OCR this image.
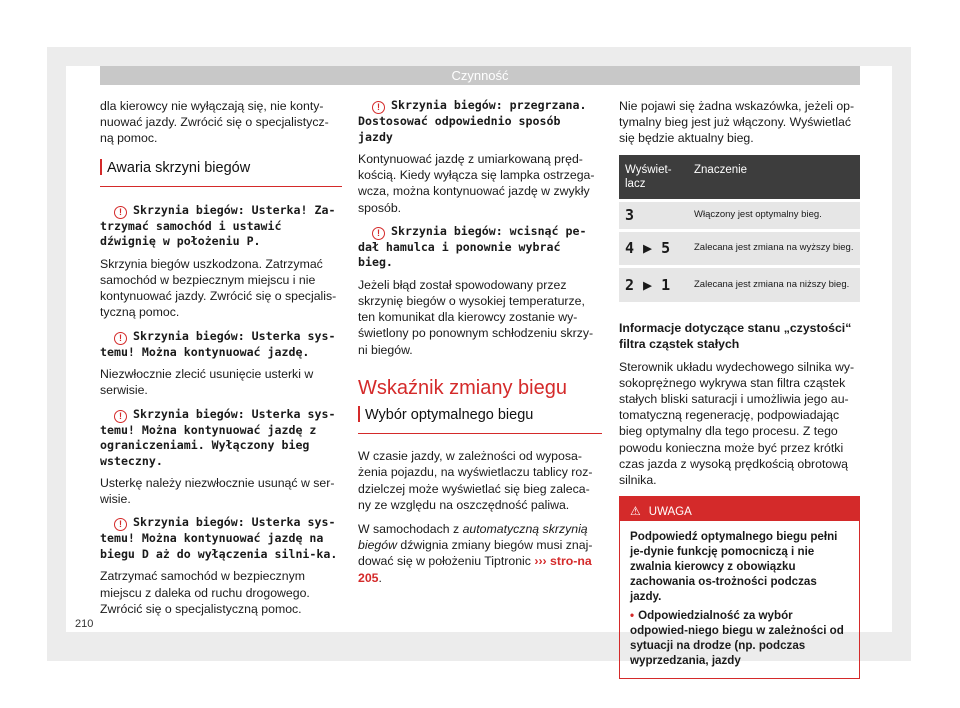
Czynność

dla kierowcy nie wyłączają się, nie konty-nuować jazdy. Zwrócić się o specjalistycz-ną pomoc.

Awaria skrzyni biegów

! Skrzynia biegów: Usterka! Za-trzymać samochód i ustawić dźwignię w położeniu P.

Skrzynia biegów uszkodzona. Zatrzymać samochód w bezpiecznym miejscu i nie kontynuować jazdy. Zwrócić się o specjalis-tyczną pomoc.

! Skrzynia biegów: Usterka sys-temu! Można kontynuować jazdę.

Niezwłocznie zlecić usunięcie usterki w serwisie.

! Skrzynia biegów: Usterka sys-temu! Można kontynuować jazdę z ograniczeniami. Wyłączony bieg wsteczny.

Usterkę należy niezwłocznie usunąć w ser-wisie.

! Skrzynia biegów: Usterka sys-temu! Można kontynuować jazdę na biegu D aż do wyłączenia silni-ka.

Zatrzymać samochód w bezpiecznym miejscu z daleka od ruchu drogowego. Zwrócić się o specjalistyczną pomoc.

! Skrzynia biegów: przegrzana. Dostosować odpowiednio sposób jazdy

Kontynuować jazdę z umiarkowaną pręd-kością. Kiedy wyłącza się lampka ostrzega-wcza, można kontynuować jazdę w zwykły sposób.

! Skrzynia biegów: wcisnąć pe-dał hamulca i ponownie wybrać bieg.

Jeżeli błąd został spowodowany przez skrzynię biegów o wysokiej temperaturze, ten komunikat dla kierowcy zostanie wy-świetlony po ponownym schłodzeniu skrzy-ni biegów.

Wskaźnik zmiany biegu
Wybór optymalnego biegu

W czasie jazdy, w zależności od wyposa-żenia pojazdu, na wyświetlaczu tablicy roz-dzielczej może wyświetlać się bieg zaleca-ny ze względu na oszczędność paliwa.

W samochodach z automatyczną skrzynią biegów dźwignia zmiany biegów musi znaj-dować się w położeniu Tiptronic ››› stro-na 205.

Nie pojawi się żadna wskazówka, jeżeli op-tymalny bieg jest już włączony. Wyświetlać się będzie aktualny bieg.

Wyświet-lacz	Znaczenie
3	Włączony jest optymalny bieg.
4 ▶ 5	Zalecana jest zmiana na wyższy bieg.
2 ▶ 1	Zalecana jest zmiana na niższy bieg.
Informacje dotyczące stanu „czystości“ filtra cząstek stałych

Sterownik układu wydechowego silnika wy-sokoprężnego wykrywa stan filtra cząstek stałych bliski saturacji i umożliwia jego au-tomatyczną regenerację, podpowiadając bieg optymalny dla tego procesu. Z tego powodu konieczna może być przez krótki czas jazda z wysoką prędkością obrotową silnika.

⚠ UWAGA

Podpowiedź optymalnego biegu pełni je-dynie funkcję pomocniczą i nie zwalnia kierowcy z obowiązku zachowania os-trożności podczas jazdy.

• Odpowiedzialność za wybór odpowied-niego biegu w zależności od sytuacji na drodze (np. podczas wyprzedzania, jazdy

210
